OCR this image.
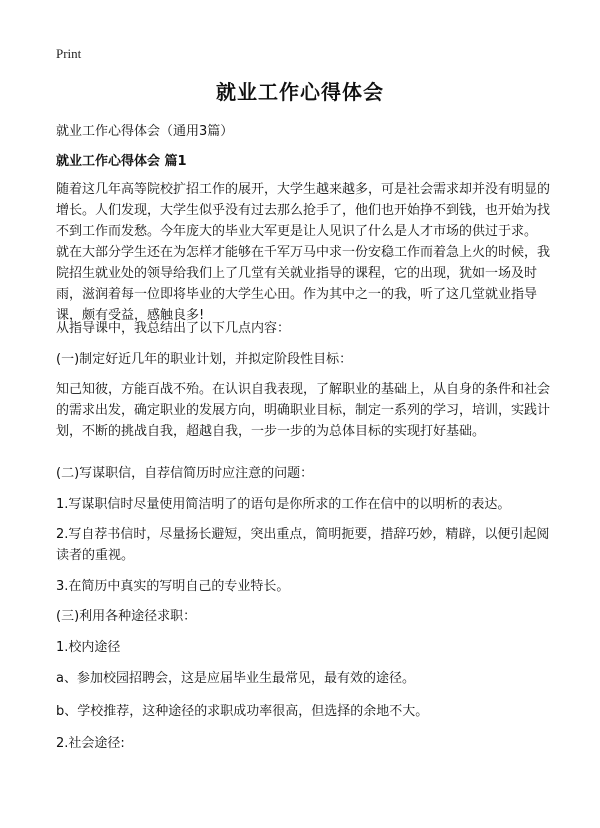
Print
就业工作心得体会

就业工作心得体会（通用3篇）

就业工作心得体会 篇1

随着这几年高等院校扩招工作的展开，大学生越来越多，可是社会需求却并没有明显的增长。人们发现，大学生似乎没有过去那么抢手了，他们也开始挣不到钱，也开始为找不到工作而发愁。今年庞大的毕业大军更是让人见识了什么是人才市场的供过于求。 就在大部分学生还在为怎样才能够在千军万马中求一份安稳工作而着急上火的时候，我院招生就业处的领导给我们上了几堂有关就业指导的课程，它的出现，犹如一场及时雨，滋润着每一位即将毕业的大学生心田。作为其中之一的我，听了这几堂就业指导课，颇有受益，感触良多!

从指导课中，我总结出了以下几点内容：

(一)制定好近几年的职业计划，并拟定阶段性目标：

知己知彼，方能百战不殆。在认识自我表现，了解职业的基础上，从自身的条件和社会的需求出发，确定职业的发展方向，明确职业目标，制定一系列的学习，培训，实践计划，不断的挑战自我，超越自我，一步一步的为总体目标的实现打好基础。

(二)写谋职信，自荐信简历时应注意的问题：

1.写谋职信时尽量使用简洁明了的语句是你所求的工作在信中的以明析的表达。

2.写自荐书信时，尽量扬长避短，突出重点，简明扼要，措辞巧妙，精辟，以便引起阅读者的重视。

3.在简历中真实的写明自己的专业特长。

(三)利用各种途径求职：

1.校内途径

a、参加校园招聘会，这是应届毕业生最常见，最有效的途径。

b、学校推荐，这种途径的求职成功率很高，但选择的余地不大。

2.社会途径:
